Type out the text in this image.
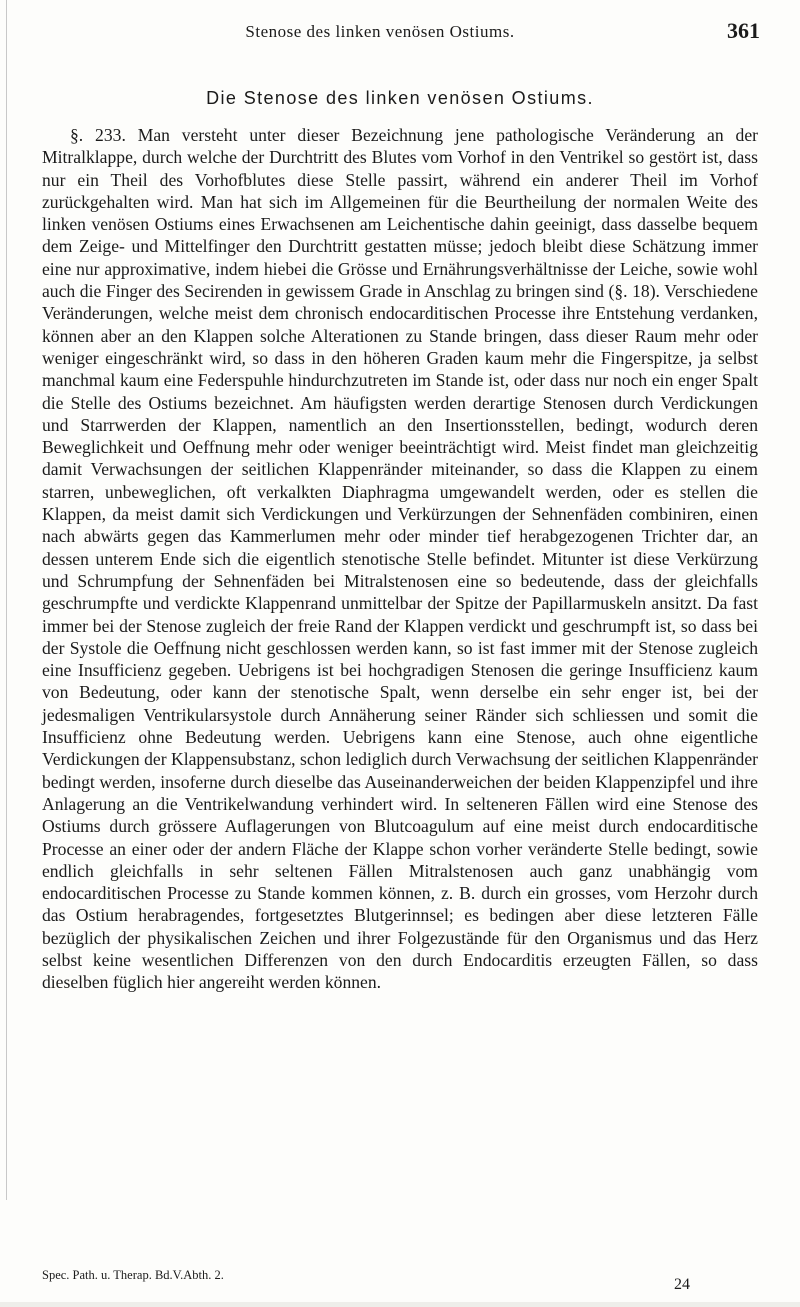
Stenose des linken venösen Ostiums.	361
Die Stenose des linken venösen Ostiums.

§. 233. Man versteht unter dieser Bezeichnung jene pathologische Veränderung an der Mitralklappe, durch welche der Durchtritt des Blutes vom Vorhof in den Ventrikel so gestört ist, dass nur ein Theil des Vorhofblutes diese Stelle passirt, während ein anderer Theil im Vorhof zurückgehalten wird. Man hat sich im Allgemeinen für die Beurtheilung der normalen Weite des linken venösen Ostiums eines Erwachsenen am Leichentische dahin geeinigt, dass dasselbe bequem dem Zeige- und Mittelfinger den Durchtritt gestatten müsse; jedoch bleibt diese Schätzung immer eine nur approximative, indem hiebei die Grösse und Ernährungsverhältnisse der Leiche, sowie wohl auch die Finger des Secirenden in gewissem Grade in Anschlag zu bringen sind (§. 18). Verschiedene Veränderungen, welche meist dem chronisch endocarditischen Processe ihre Entstehung verdanken, können aber an den Klappen solche Alterationen zu Stande bringen, dass dieser Raum mehr oder weniger eingeschränkt wird, so dass in den höheren Graden kaum mehr die Fingerspitze, ja selbst manchmal kaum eine Federspuhle hindurchzutreten im Stande ist, oder dass nur noch ein enger Spalt die Stelle des Ostiums bezeichnet. Am häufigsten werden derartige Stenosen durch Verdickungen und Starrwerden der Klappen, namentlich an den Insertionsstellen, bedingt, wodurch deren Beweglichkeit und Oeffnung mehr oder weniger beeinträchtigt wird. Meist findet man gleichzeitig damit Verwachsungen der seitlichen Klappenränder miteinander, so dass die Klappen zu einem starren, unbeweglichen, oft verkalkten Diaphragma umgewandelt werden, oder es stellen die Klappen, da meist damit sich Verdickungen und Verkürzungen der Sehnenfäden combiniren, einen nach abwärts gegen das Kammerlumen mehr oder minder tief herabgezogenen Trichter dar, an dessen unterem Ende sich die eigentlich stenotische Stelle befindet. Mitunter ist diese Verkürzung und Schrumpfung der Sehnenfäden bei Mitralstenosen eine so bedeutende, dass der gleichfalls geschrumpfte und verdickte Klappenrand unmittelbar der Spitze der Papillarmuskeln ansitzt. Da fast immer bei der Stenose zugleich der freie Rand der Klappen verdickt und geschrumpft ist, so dass bei der Systole die Oeffnung nicht geschlossen werden kann, so ist fast immer mit der Stenose zugleich eine Insufficienz gegeben. Uebrigens ist bei hochgradigen Stenosen die geringe Insufficienz kaum von Bedeutung, oder kann der stenotische Spalt, wenn derselbe ein sehr enger ist, bei der jedesmaligen Ventrikularsystole durch Annäherung seiner Ränder sich schliessen und somit die Insufficienz ohne Bedeutung werden. Uebrigens kann eine Stenose, auch ohne eigentliche Verdickungen der Klappensubstanz, schon lediglich durch Verwachsung der seitlichen Klappenränder bedingt werden, insoferne durch dieselbe das Auseinanderweichen der beiden Klappenzipfel und ihre Anlagerung an die Ventrikelwandung verhindert wird. In selteneren Fällen wird eine Stenose des Ostiums durch grössere Auflagerungen von Blutcoagulum auf eine meist durch endocarditische Processe an einer oder der andern Fläche der Klappe schon vorher veränderte Stelle bedingt, sowie endlich gleichfalls in sehr seltenen Fällen Mitralstenosen auch ganz unabhängig vom endocarditischen Processe zu Stande kommen können, z. B. durch ein grosses, vom Herzohr durch das Ostium herabragendes, fortgesetztes Blutgerinnsel; es bedingen aber diese letzteren Fälle bezüglich der physikalischen Zeichen und ihrer Folgezustände für den Organismus und das Herz selbst keine wesentlichen Differenzen von den durch Endocarditis erzeugten Fällen, so dass dieselben füglich hier angereiht werden können.

Spec. Path. u. Therap. Bd.V.Abth. 2.
24
